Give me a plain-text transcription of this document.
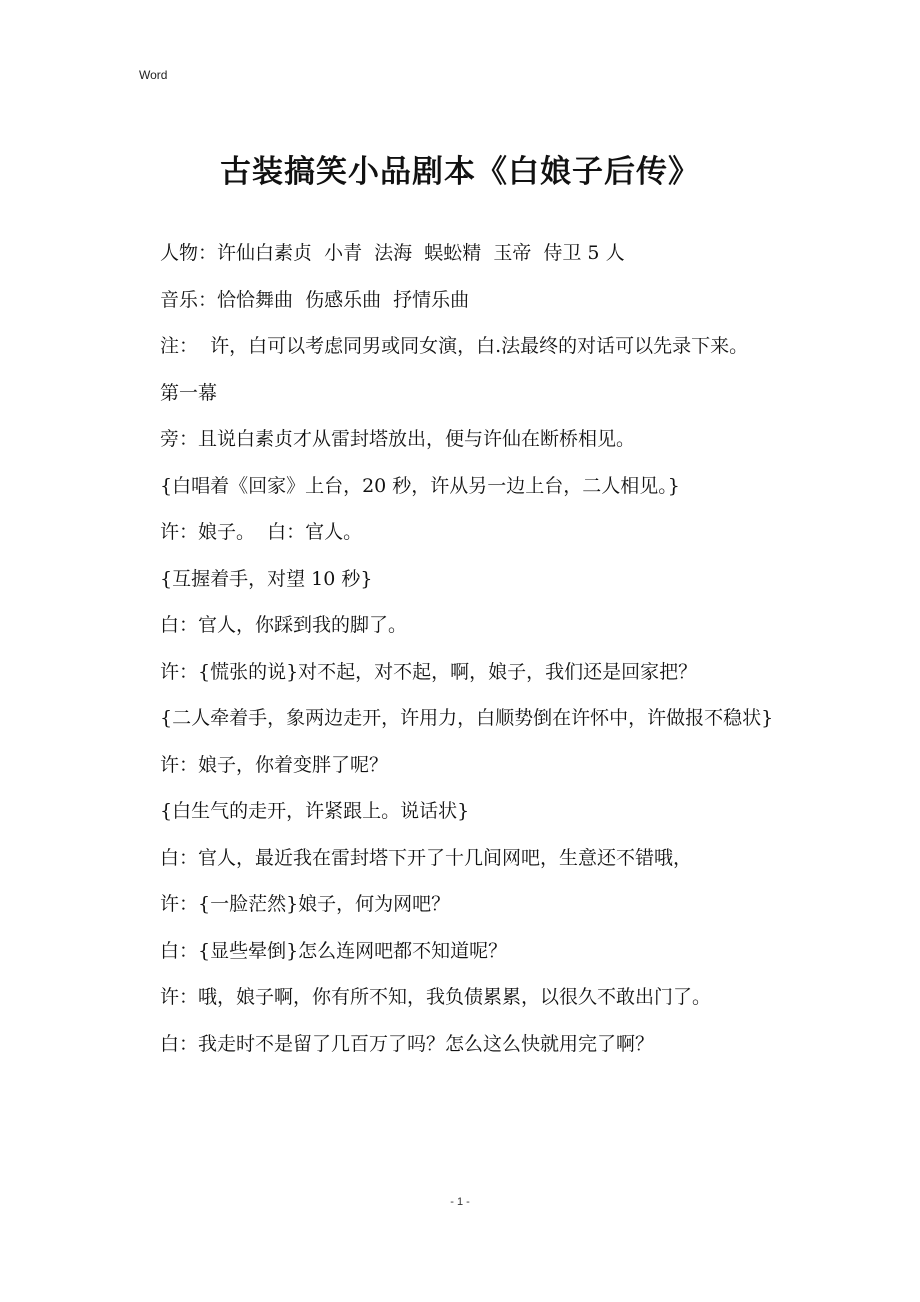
Word
古装搞笑小品剧本《白娘子后传》

人物：许仙白素贞  小青  法海  蜈蚣精  玉帝  侍卫 5 人

音乐：恰恰舞曲  伤感乐曲  抒情乐曲

注：  许，白可以考虑同男或同女演，白.法最终的对话可以先录下来。

第一幕

旁：且说白素贞才从雷封塔放出，便与许仙在断桥相见。

{白唱着《回家》上台，20 秒，许从另一边上台，二人相见。}

许：娘子。  白：官人。

{互握着手，对望 10 秒}

白：官人，你踩到我的脚了。

许：{慌张的说}对不起，对不起，啊，娘子，我们还是回家把？

{二人牵着手，象两边走开，许用力，白顺势倒在许怀中，许做报不稳状}

许：娘子，你着变胖了呢？

{白生气的走开，许紧跟上。说话状}

白：官人，最近我在雷封塔下开了十几间网吧，生意还不错哦，

许：{一脸茫然}娘子，何为网吧？

白：{显些晕倒}怎么连网吧都不知道呢？

许：哦，娘子啊，你有所不知，我负债累累，以很久不敢出门了。

白：我走时不是留了几百万了吗？怎么这么快就用完了啊？

- 1 -
